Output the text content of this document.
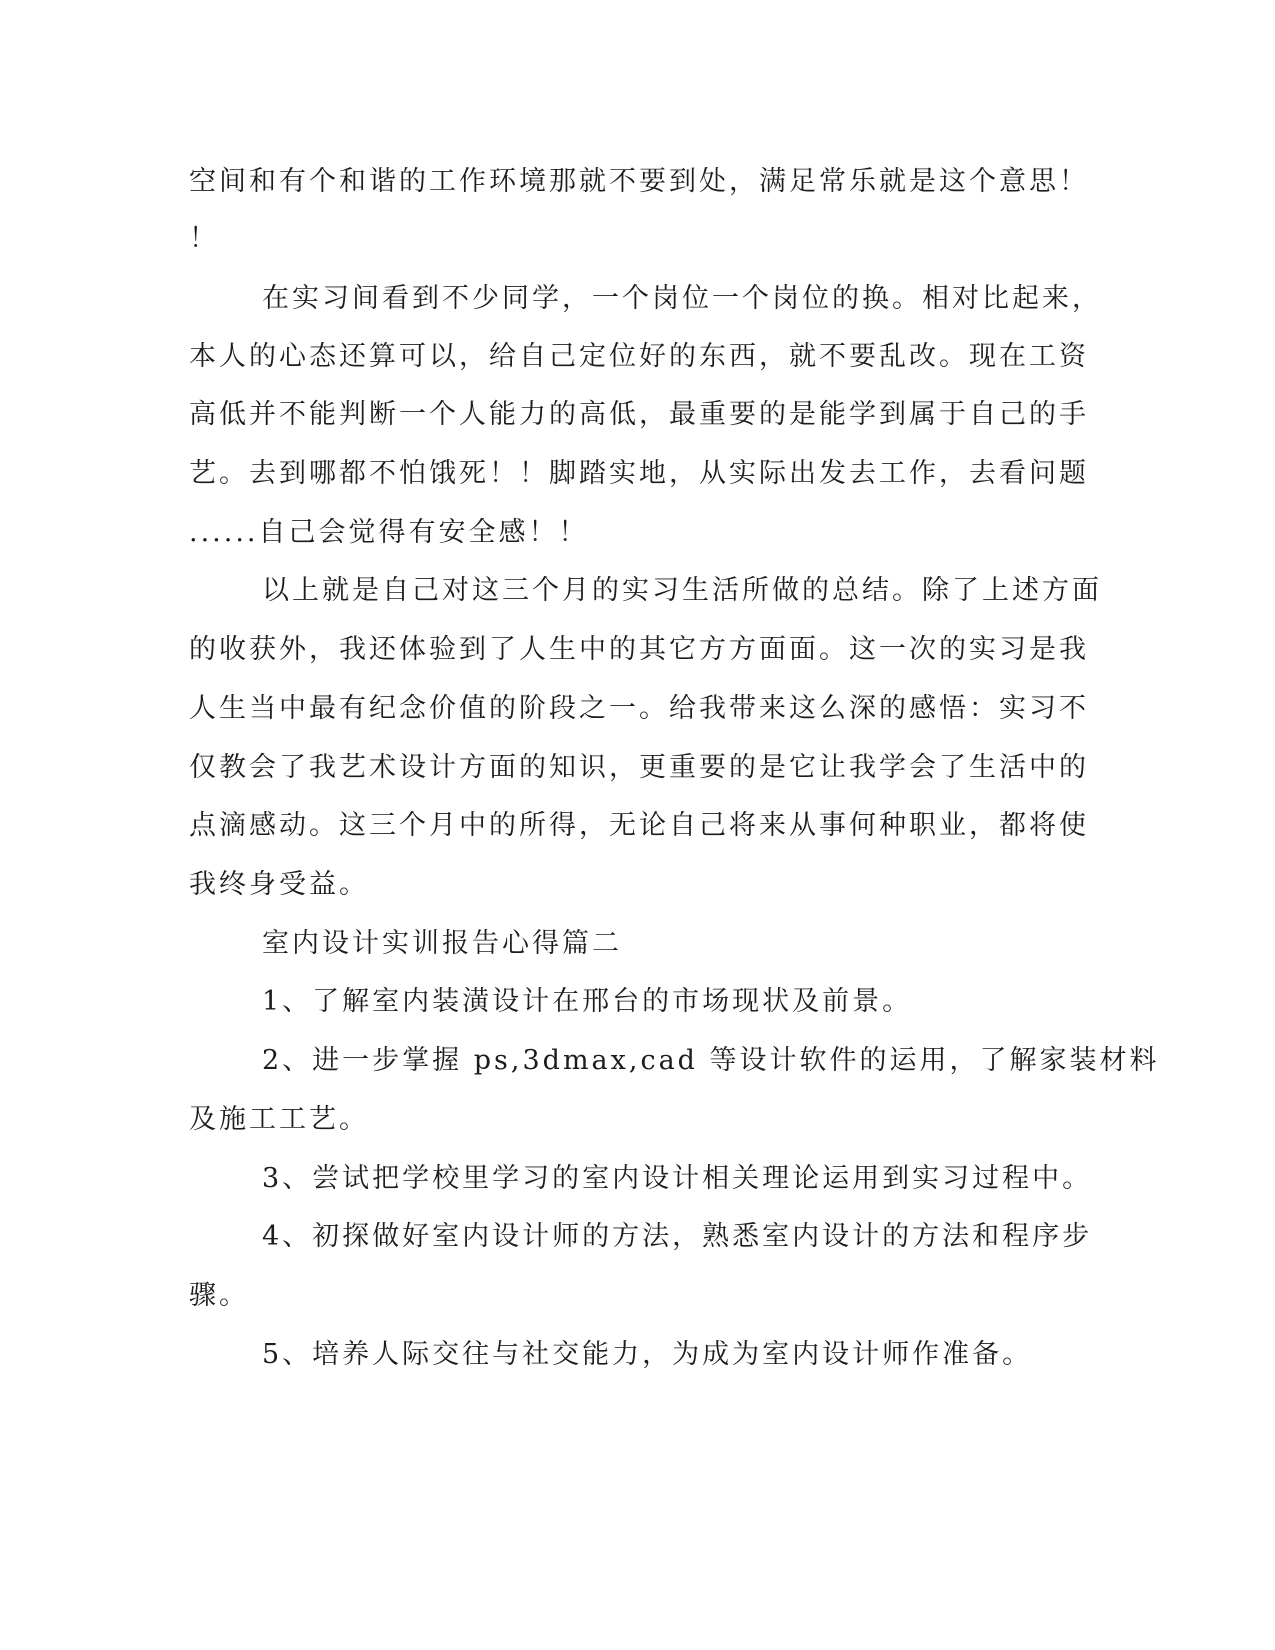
空间和有个和谐的工作环境那就不要到处，满足常乐就是这个意思！

！

在实习间看到不少同学，一个岗位一个岗位的换。相对比起来，

本人的心态还算可以，给自己定位好的东西，就不要乱改。现在工资

高低并不能判断一个人能力的高低，最重要的是能学到属于自己的手

艺。去到哪都不怕饿死！！脚踏实地，从实际出发去工作，去看问题

......自己会觉得有安全感！！

以上就是自己对这三个月的实习生活所做的总结。除了上述方面

的收获外，我还体验到了人生中的其它方方面面。这一次的实习是我

人生当中最有纪念价值的阶段之一。给我带来这么深的感悟：实习不

仅教会了我艺术设计方面的知识，更重要的是它让我学会了生活中的

点滴感动。这三个月中的所得，无论自己将来从事何种职业，都将使

我终身受益。

室内设计实训报告心得篇二

1、了解室内装潢设计在邢台的市场现状及前景。

2、进一步掌握 ps,3dmax,cad 等设计软件的运用，了解家装材料

及施工工艺。

3、尝试把学校里学习的室内设计相关理论运用到实习过程中。

4、初探做好室内设计师的方法，熟悉室内设计的方法和程序步

骤。

5、培养人际交往与社交能力，为成为室内设计师作准备。
